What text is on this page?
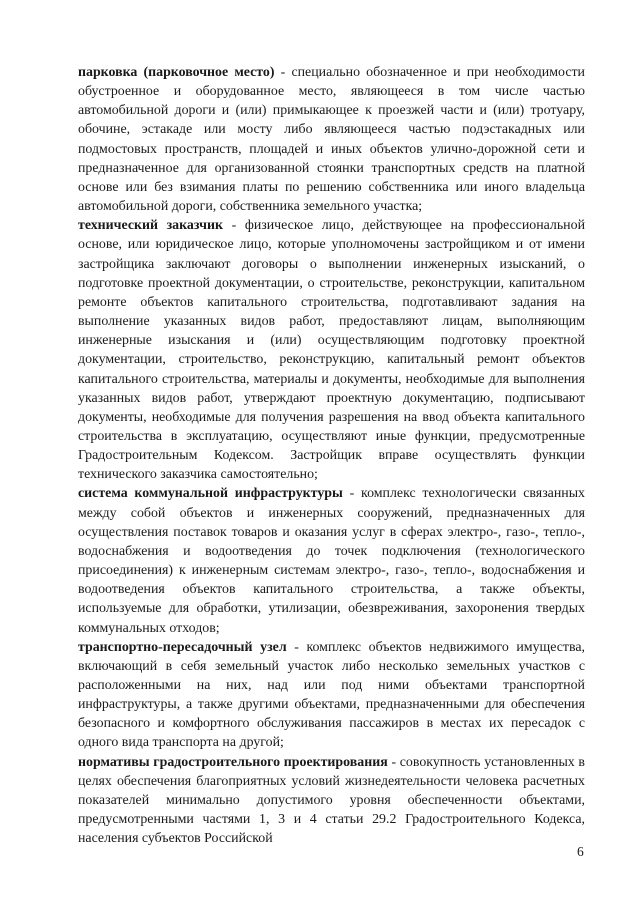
парковка (парковочное место) - специально обозначенное и при необходимости обустроенное и оборудованное место, являющееся в том числе частью автомобильной дороги и (или) примыкающее к проезжей части и (или) тротуару, обочине, эстакаде или мосту либо являющееся частью подэстакадных или подмостовых пространств, площадей и иных объектов улично-дорожной сети и предназначенное для организованной стоянки транспортных средств на платной основе или без взимания платы по решению собственника или иного владельца автомобильной дороги, собственника земельного участка;

технический заказчик - физическое лицо, действующее на профессиональной основе, или юридическое лицо, которые уполномочены застройщиком и от имени застройщика заключают договоры о выполнении инженерных изысканий, о подготовке проектной документации, о строительстве, реконструкции, капитальном ремонте объектов капитального строительства, подготавливают задания на выполнение указанных видов работ, предоставляют лицам, выполняющим инженерные изыскания и (или) осуществляющим подготовку проектной документации, строительство, реконструкцию, капитальный ремонт объектов капитального строительства, материалы и документы, необходимые для выполнения указанных видов работ, утверждают проектную документацию, подписывают документы, необходимые для получения разрешения на ввод объекта капитального строительства в эксплуатацию, осуществляют иные функции, предусмотренные Градостроительным Кодексом. Застройщик вправе осуществлять функции технического заказчика самостоятельно;

система коммунальной инфраструктуры - комплекс технологически связанных между собой объектов и инженерных сооружений, предназначенных для осуществления поставок товаров и оказания услуг в сферах электро-, газо-, тепло-, водоснабжения и водоотведения до точек подключения (технологического присоединения) к инженерным системам электро-, газо-, тепло-, водоснабжения и водоотведения объектов капитального строительства, а также объекты, используемые для обработки, утилизации, обезвреживания, захоронения твердых коммунальных отходов;

транспортно-пересадочный узел - комплекс объектов недвижимого имущества, включающий в себя земельный участок либо несколько земельных участков с расположенными на них, над или под ними объектами транспортной инфраструктуры, а также другими объектами, предназначенными для обеспечения безопасного и комфортного обслуживания пассажиров в местах их пересадок с одного вида транспорта на другой;

нормативы градостроительного проектирования - совокупность установленных в целях обеспечения благоприятных условий жизнедеятельности человека расчетных показателей минимально допустимого уровня обеспеченности объектами, предусмотренными частями 1, 3 и 4 статьи 29.2 Градостроительного Кодекса, населения субъектов Российской

6
